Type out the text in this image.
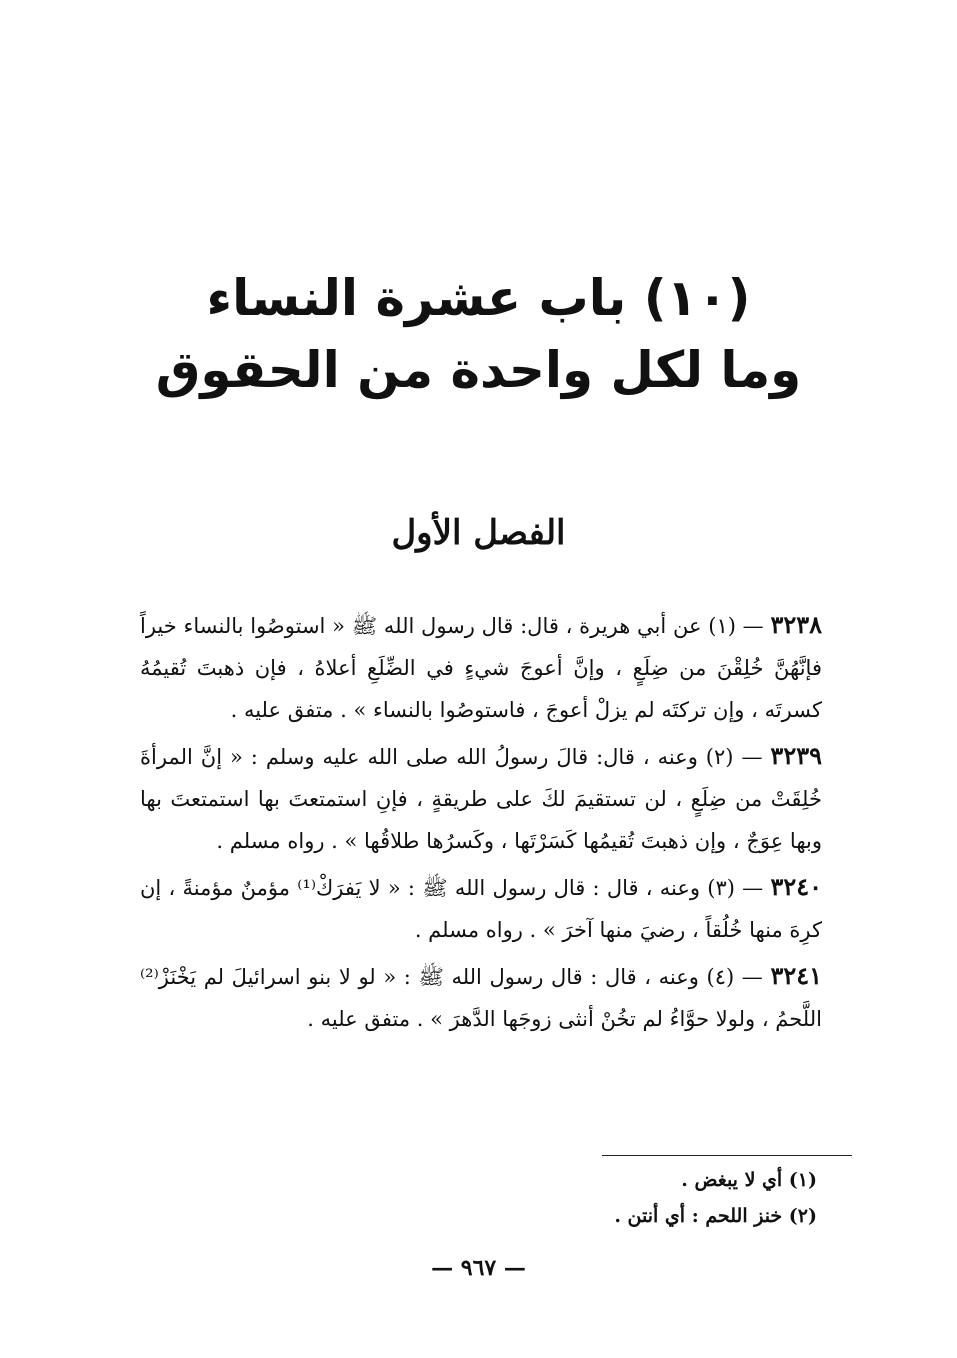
(١٠) باب عشرة النساء
وما لكل واحدة من الحقوق
الفصل الأول
٣٢٣٨ — (١) عن أبي هريرة ، قال: قال رسول الله ﷺ « استوصُوا بالنساء خيراً فإنَّهُنَّ خُلِقْنَ من ضِلَعٍ ، وإنَّ أعوجَ شيءٍ في الضِّلَعِ أعلاهُ ، فإن ذهبتَ تُقيمُهُ كسرتَه ، وإن تركتَه لم يزلْ أعوجَ ، فاستوصُوا بالنساء » . متفق عليه .
٣٢٣٩ — (٢) وعنه ، قال: قالَ رسولُ الله صلى الله عليه وسلم : « إنَّ المرأةَ خُلِقَتْ من ضِلَعٍ ، لن تستقيمَ لكَ على طريقةٍ ، فإنِ استمتعتَ بها استمتعتَ بها وبها عِوَجٌ ، وإن ذهبتَ تُقيمُها كَسَرْتَها ، وكَسرُها طلاقُها » . رواه مسلم .
٣٢٤٠ — (٣) وعنه ، قال : قال رسول الله ﷺ : « لا يَفرَكْ⁽¹⁾ مؤمنٌ مؤمنةً ، إن كرِهَ منها خُلُقاً ، رضيَ منها آخرَ » . رواه مسلم .
٣٢٤١ — (٤) وعنه ، قال : قال رسول الله ﷺ : « لو لا بنو اسرائيلَ لم يَخْنَزْ⁽²⁾ اللَّحمُ ، ولولا حوَّاءُ لم تخُنْ أنثى زوجَها الدَّهرَ » . متفق عليه .
(١) أي لا يبغض .
(٢) خنز اللحم : أي أنتن .
— ٩٦٧ —
